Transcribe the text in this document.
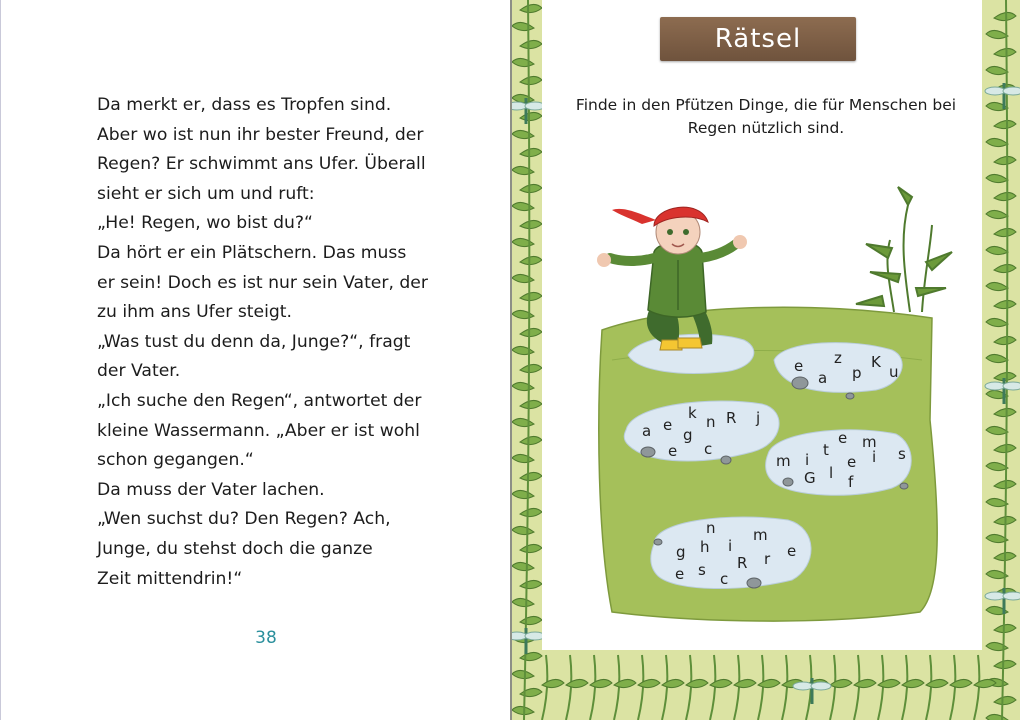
Da merkt er, dass es Tropfen sind.
Aber wo ist nun ihr bester Freund, der
Regen? Er schwimmt ans Ufer. Überall
sieht er sich um und ruft:
„He! Regen, wo bist du?“
Da hört er ein Plätschern. Das muss
er sein! Doch es ist nur sein Vater, der
zu ihm ans Ufer steigt.
„Was tust du denn da, Junge?“, fragt
der Vater.
„Ich suche den Regen“, antwortet der
kleine Wassermann. „Aber er ist wohl
schon gegangen.“
Da muss der Vater lachen.
„Wen suchst du? Den Regen? Ach,
Junge, du stehst doch die ganze
Zeit mittendrin!“
38
e z
a p
K
u
k
a e n R j
g
e c
e m
m i
t
e i s
G l f
n m
g h i
r e
e s c
R
Rätsel
Finde in den Pfützen Dinge, die für Menschen bei Regen nützlich sind.
